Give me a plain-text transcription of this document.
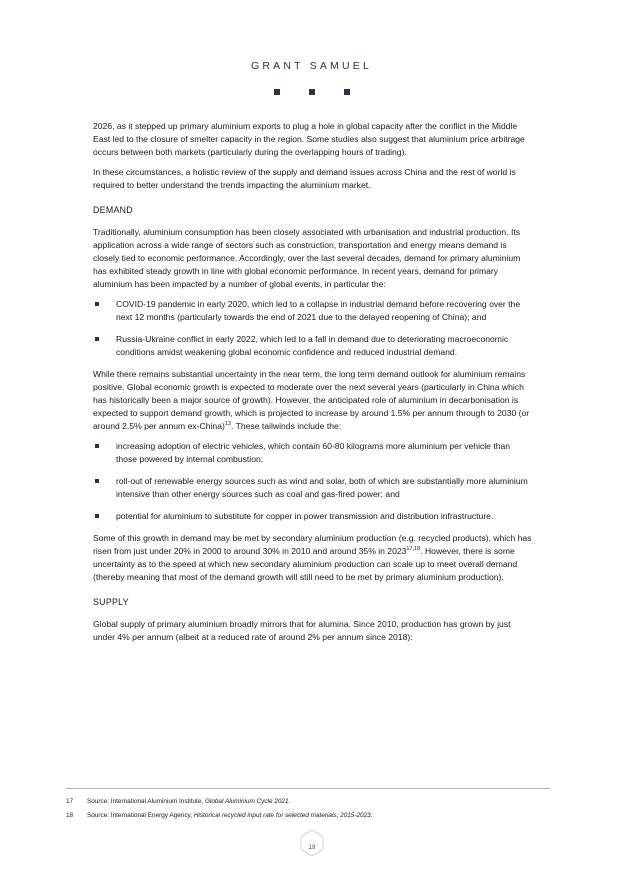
GRANT SAMUEL

2026, as it stepped up primary aluminium exports to plug a hole in global capacity after the conflict in the Middle East led to the closure of smelter capacity in the region. Some studies also suggest that aluminium price arbitrage occurs between both markets (particularly during the overlapping hours of trading).

In these circumstances, a holistic review of the supply and demand issues across China and the rest of world is required to better understand the trends impacting the aluminium market.

DEMAND

Traditionally, aluminium consumption has been closely associated with urbanisation and industrial production. Its application across a wide range of sectors such as construction, transportation and energy means demand is closely tied to economic performance. Accordingly, over the last several decades, demand for primary aluminium has exhibited steady growth in line with global economic performance. In recent years, demand for primary aluminium has been impacted by a number of global events, in particular the:

COVID-19 pandemic in early 2020, which led to a collapse in industrial demand before recovering over the next 12 months (particularly towards the end of 2021 due to the delayed reopening of China); and
Russia-Ukraine conflict in early 2022, which led to a fall in demand due to deteriorating macroeconomic conditions amidst weakening global economic confidence and reduced industrial demand.

While there remains substantial uncertainty in the near term, the long term demand outlook for aluminium remains positive. Global economic growth is expected to moderate over the next several years (particularly in China which has historically been a major source of growth). However, the anticipated role of aluminium in decarbonisation is expected to support demand growth, which is projected to increase by around 1.5% per annum through to 2030 (or around 2.5% per annum ex-China)$^{13}$. These tailwinds include the:

increasing adoption of electric vehicles, which contain 60-80 kilograms more aluminium per vehicle than those powered by internal combustion;
roll-out of renewable energy sources such as wind and solar, both of which are substantially more aluminium intensive than other energy sources such as coal and gas-fired power; and
potential for aluminium to substitute for copper in power transmission and distribution infrastructure.

Some of this growth in demand may be met by secondary aluminium production (e.g. recycled products), which has risen from just under 20% in 2000 to around 30% in 2010 and around 35% in 2023$^{17,18}$. However, there is some uncertainty as to the speed at which new secondary aluminium production can scale up to meet overall demand (thereby meaning that most of the demand growth will still need to be met by primary aluminium production).

SUPPLY

Global supply of primary aluminium broadly mirrors that for alumina. Since 2010, production has grown by just under 4% per annum (albeit at a reduced rate of around 2% per annum since 2018):

17	Source: International Aluminium Institute, Global Aluminium Cycle 2021.
18	Source: International Energy Agency, Historical recycled input rate for selected materials, 2015-2023.
19
